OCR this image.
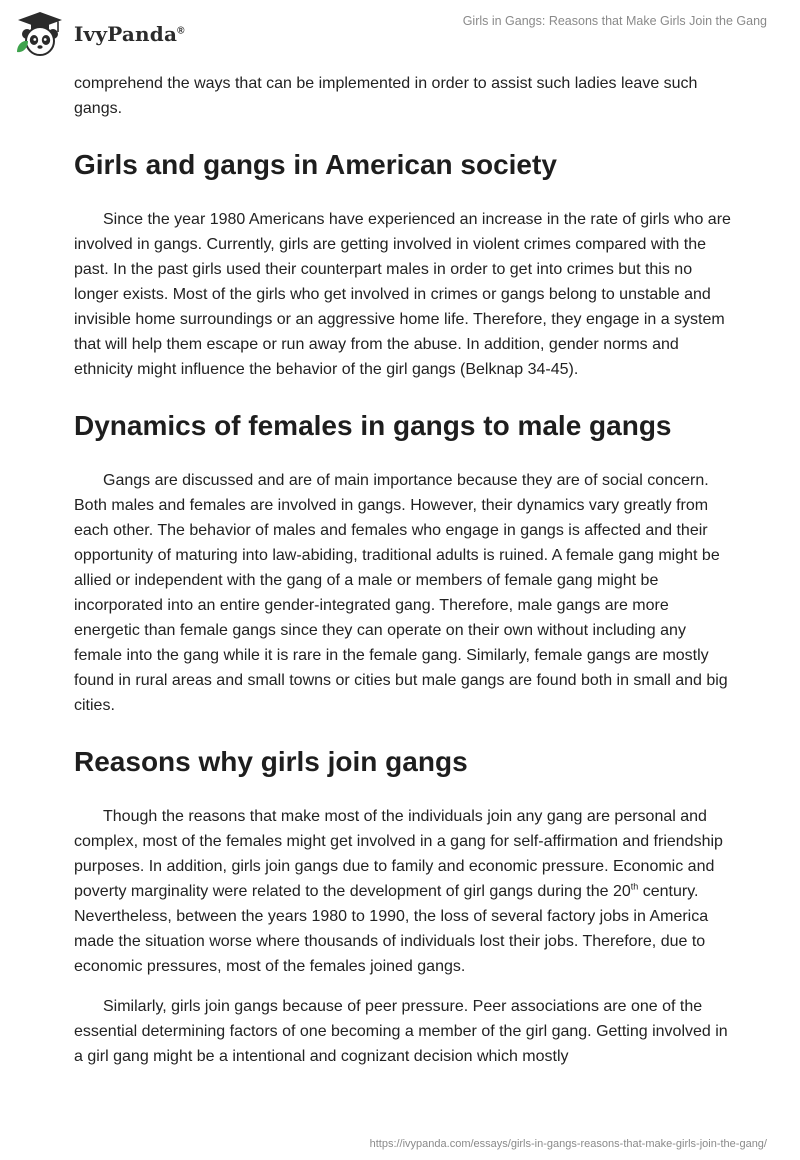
IvyPanda®
Girls in Gangs: Reasons that Make Girls Join the Gang

comprehend the ways that can be implemented in order to assist such ladies leave such gangs.

Girls and gangs in American society

Since the year 1980 Americans have experienced an increase in the rate of girls who are involved in gangs. Currently, girls are getting involved in violent crimes compared with the past. In the past girls used their counterpart males in order to get into crimes but this no longer exists. Most of the girls who get involved in crimes or gangs belong to unstable and invisible home surroundings or an aggressive home life. Therefore, they engage in a system that will help them escape or run away from the abuse. In addition, gender norms and ethnicity might influence the behavior of the girl gangs (Belknap 34-45).

Dynamics of females in gangs to male gangs

Gangs are discussed and are of main importance because they are of social concern. Both males and females are involved in gangs. However, their dynamics vary greatly from each other. The behavior of males and females who engage in gangs is affected and their opportunity of maturing into law-abiding, traditional adults is ruined. A female gang might be allied or independent with the gang of a male or members of female gang might be incorporated into an entire gender-integrated gang. Therefore, male gangs are more energetic than female gangs since they can operate on their own without including any female into the gang while it is rare in the female gang. Similarly, female gangs are mostly found in rural areas and small towns or cities but male gangs are found both in small and big cities.

Reasons why girls join gangs

Though the reasons that make most of the individuals join any gang are personal and complex, most of the females might get involved in a gang for self-affirmation and friendship purposes. In addition, girls join gangs due to family and economic pressure. Economic and poverty marginality were related to the development of girl gangs during the 20th century. Nevertheless, between the years 1980 to 1990, the loss of several factory jobs in America made the situation worse where thousands of individuals lost their jobs. Therefore, due to economic pressures, most of the females joined gangs.

Similarly, girls join gangs because of peer pressure. Peer associations are one of the essential determining factors of one becoming a member of the girl gang. Getting involved in a girl gang might be a intentional and cognizant decision which mostly

https://ivypanda.com/essays/girls-in-gangs-reasons-that-make-girls-join-the-gang/
